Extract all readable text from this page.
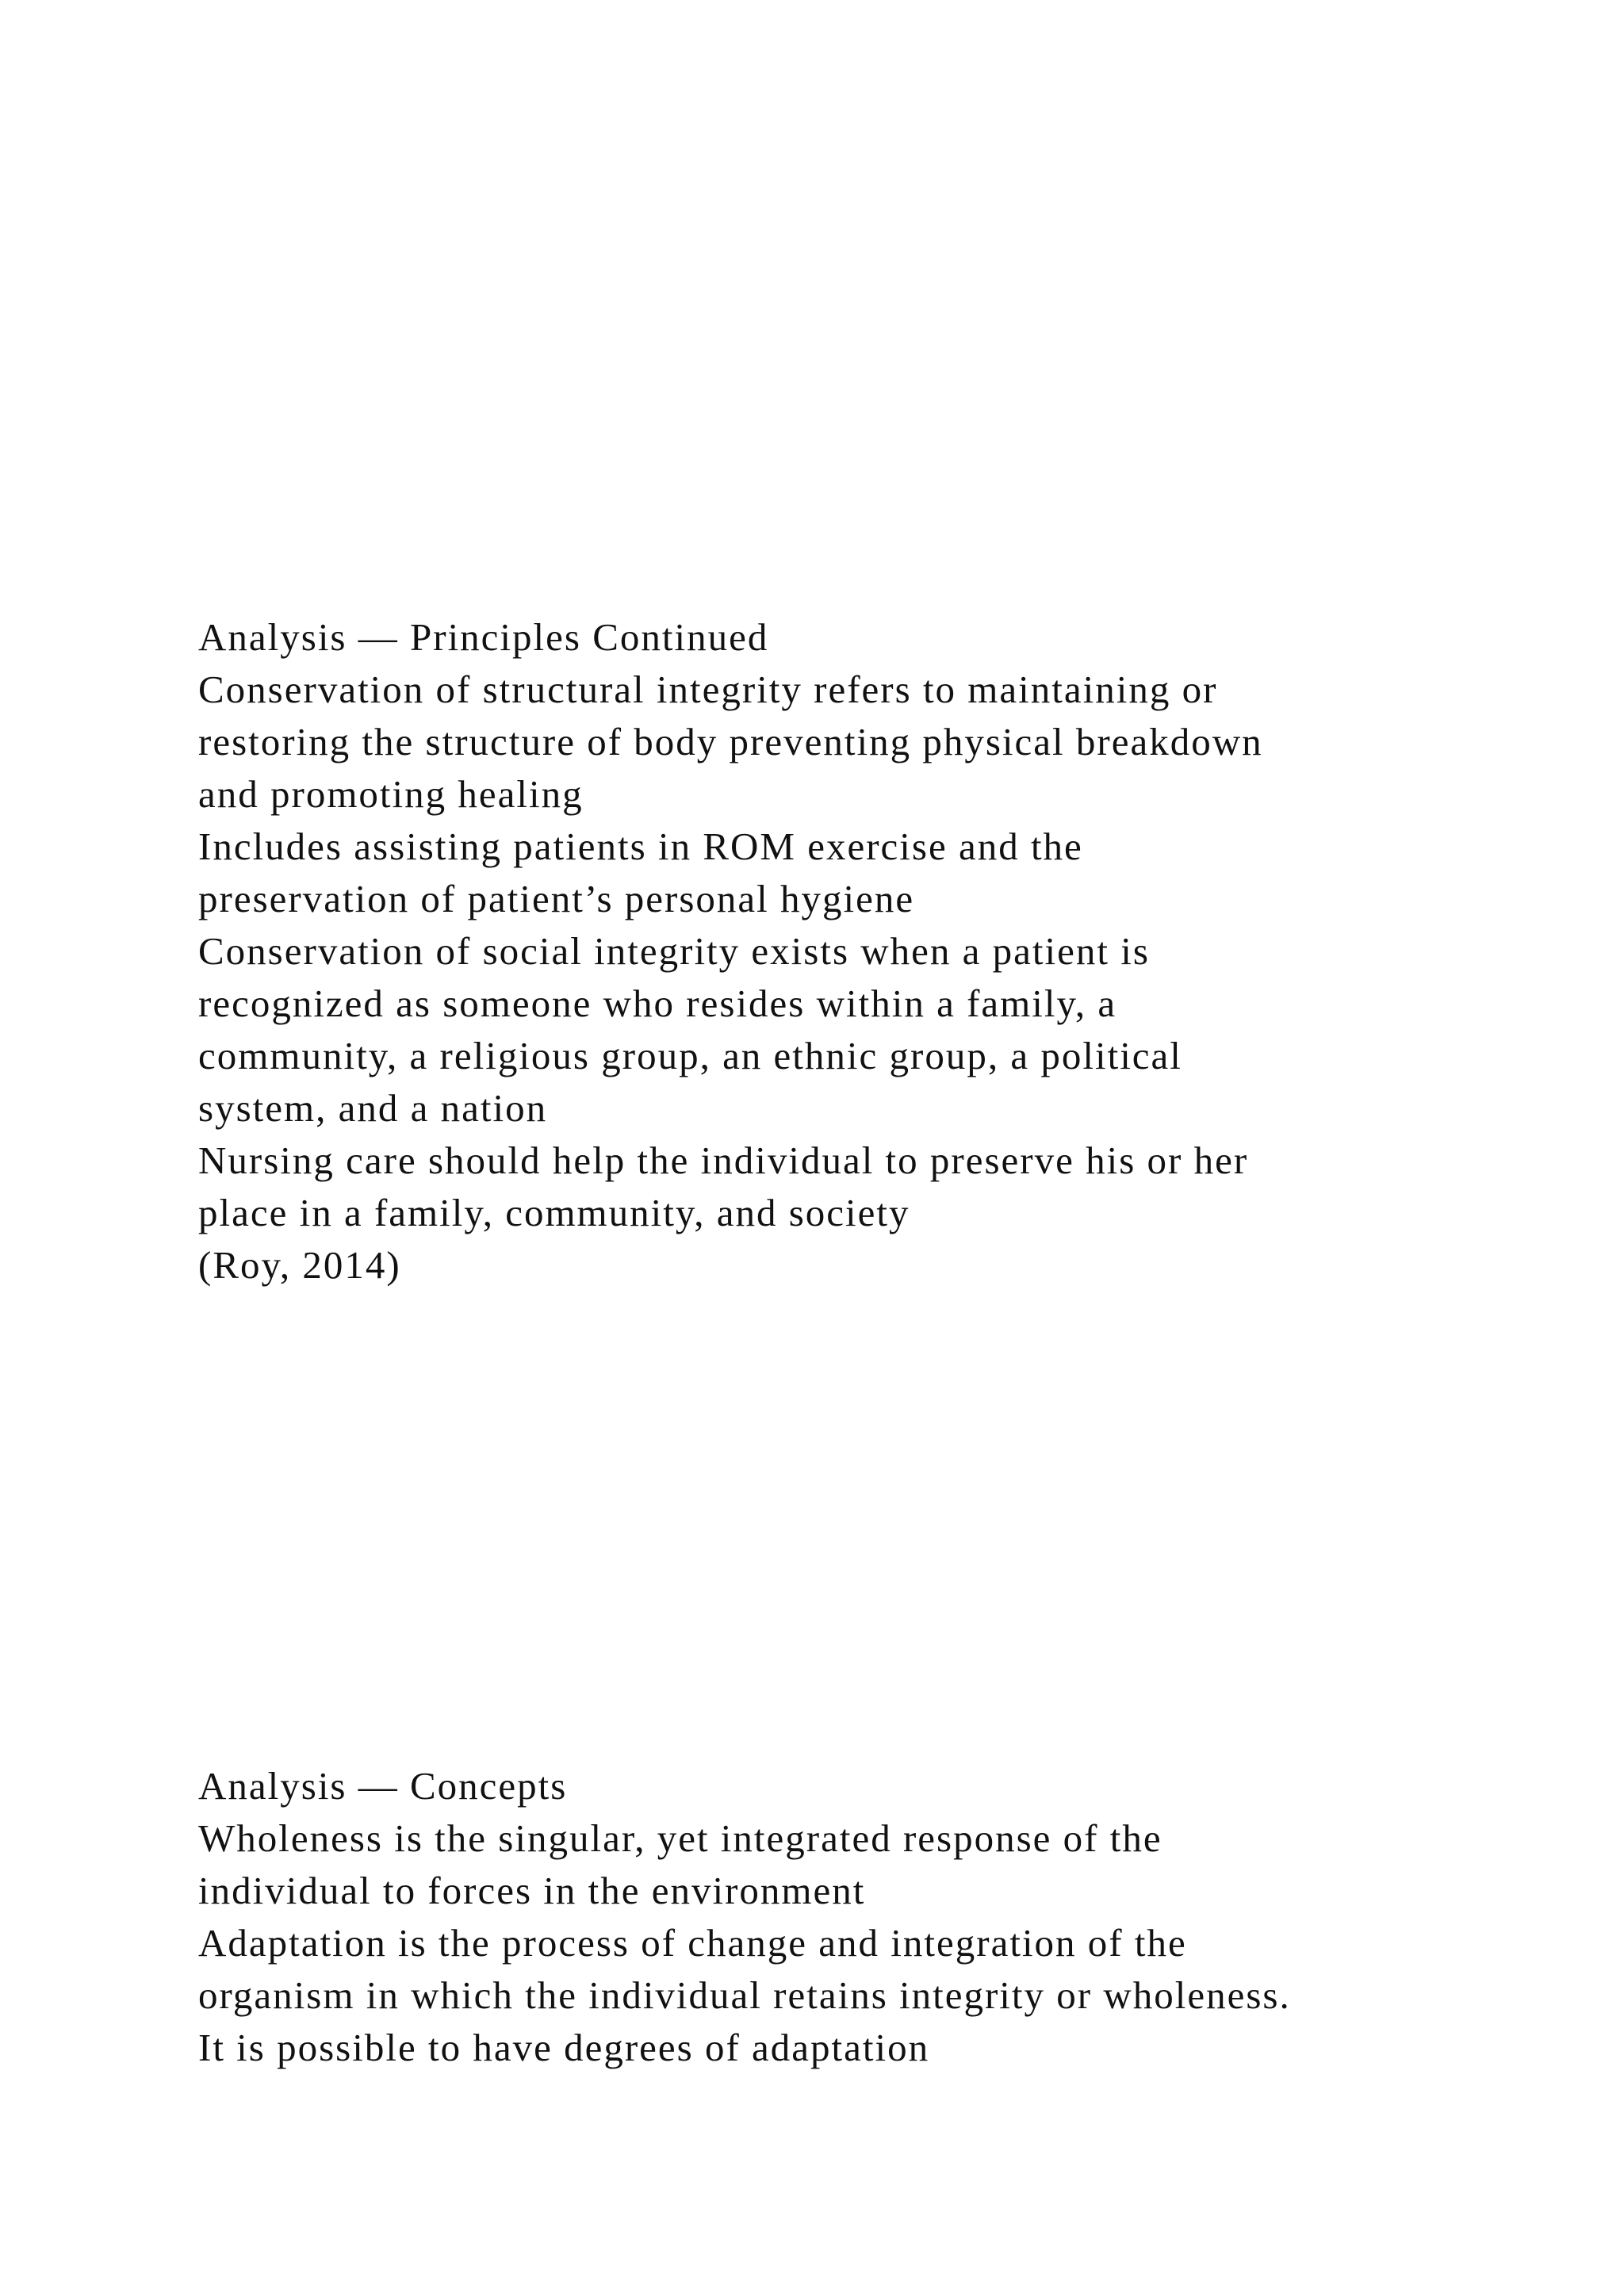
Analysis — Principles Continued
Conservation of structural integrity refers to maintaining or
restoring the structure of body preventing physical breakdown
and promoting healing
Includes assisting patients in ROM exercise and the
preservation of patient’s personal hygiene
Conservation of social integrity exists when a patient is
recognized as someone who resides within a family, a
community, a religious group, an ethnic group, a political
system, and a nation
Nursing care should help the individual to preserve his or her
place in a family, community, and society
(Roy, 2014)
Analysis — Concepts
Wholeness is the singular, yet integrated response of the
individual to forces in the environment
Adaptation is the process of change and integration of the
organism in which the individual retains integrity or wholeness.
It is possible to have degrees of adaptation
